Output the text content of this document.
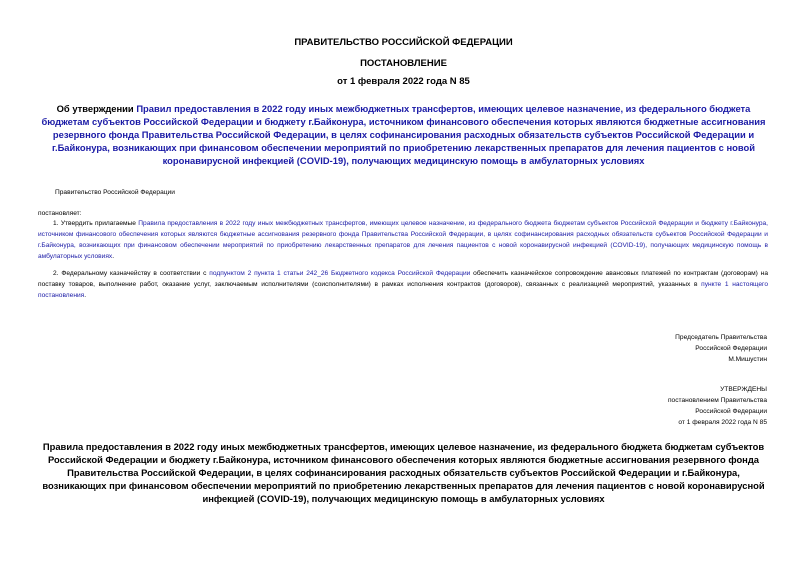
ПРАВИТЕЛЬСТВО РОССИЙСКОЙ ФЕДЕРАЦИИ
ПОСТАНОВЛЕНИЕ
от 1 февраля 2022 года N 85
Об утверждении Правил предоставления в 2022 году иных межбюджетных трансфертов, имеющих целевое назначение, из федерального бюджета бюджетам субъектов Российской Федерации и бюджету г.Байконура, источником финансового обеспечения которых являются бюджетные ассигнования резервного фонда Правительства Российской Федерации, в целях софинансирования расходных обязательств субъектов Российской Федерации и г.Байконура, возникающих при финансовом обеспечении мероприятий по приобретению лекарственных препаратов для лечения пациентов с новой коронавирусной инфекцией (COVID-19), получающих медицинскую помощь в амбулаторных условиях
Правительство Российской Федерации
постановляет:
1. Утвердить прилагаемые Правила предоставления в 2022 году иных межбюджетных трансфертов, имеющих целевое назначение, из федерального бюджета бюджетам субъектов Российской Федерации и бюджету г.Байконура, источником финансового обеспечения которых являются бюджетные ассигнования резервного фонда Правительства Российской Федерации, в целях софинансирования расходных обязательств субъектов Российской Федерации и г.Байконура, возникающих при финансовом обеспечении мероприятий по приобретению лекарственных препаратов для лечения пациентов с новой коронавирусной инфекцией (COVID-19), получающих медицинскую помощь в амбулаторных условиях.
2. Федеральному казначейству в соответствии с подпунктом 2 пункта 1 статьи 242_26 Бюджетного кодекса Российской Федерации обеспечить казначейское сопровождение авансовых платежей по контрактам (договорам) на поставку товаров, выполнение работ, оказание услуг, заключаемым исполнителями (соисполнителями) в рамках исполнения контрактов (договоров), связанных с реализацией мероприятий, указанных в пункте 1 настоящего постановления.
Председатель Правительства
Российской Федерации
М.Мишустин
УТВЕРЖДЕНЫ
постановлением Правительства
Российской Федерации
от 1 февраля 2022 года N 85
Правила предоставления в 2022 году иных межбюджетных трансфертов, имеющих целевое назначение, из федерального бюджета бюджетам субъектов Российской Федерации и бюджету г.Байконура, источником финансового обеспечения которых являются бюджетные ассигнования резервного фонда Правительства Российской Федерации, в целях софинансирования расходных обязательств субъектов Российской Федерации и г.Байконура, возникающих при финансовом обеспечении мероприятий по приобретению лекарственных препаратов для лечения пациентов с новой коронавирусной инфекцией (COVID-19), получающих медицинскую помощь в амбулаторных условиях
